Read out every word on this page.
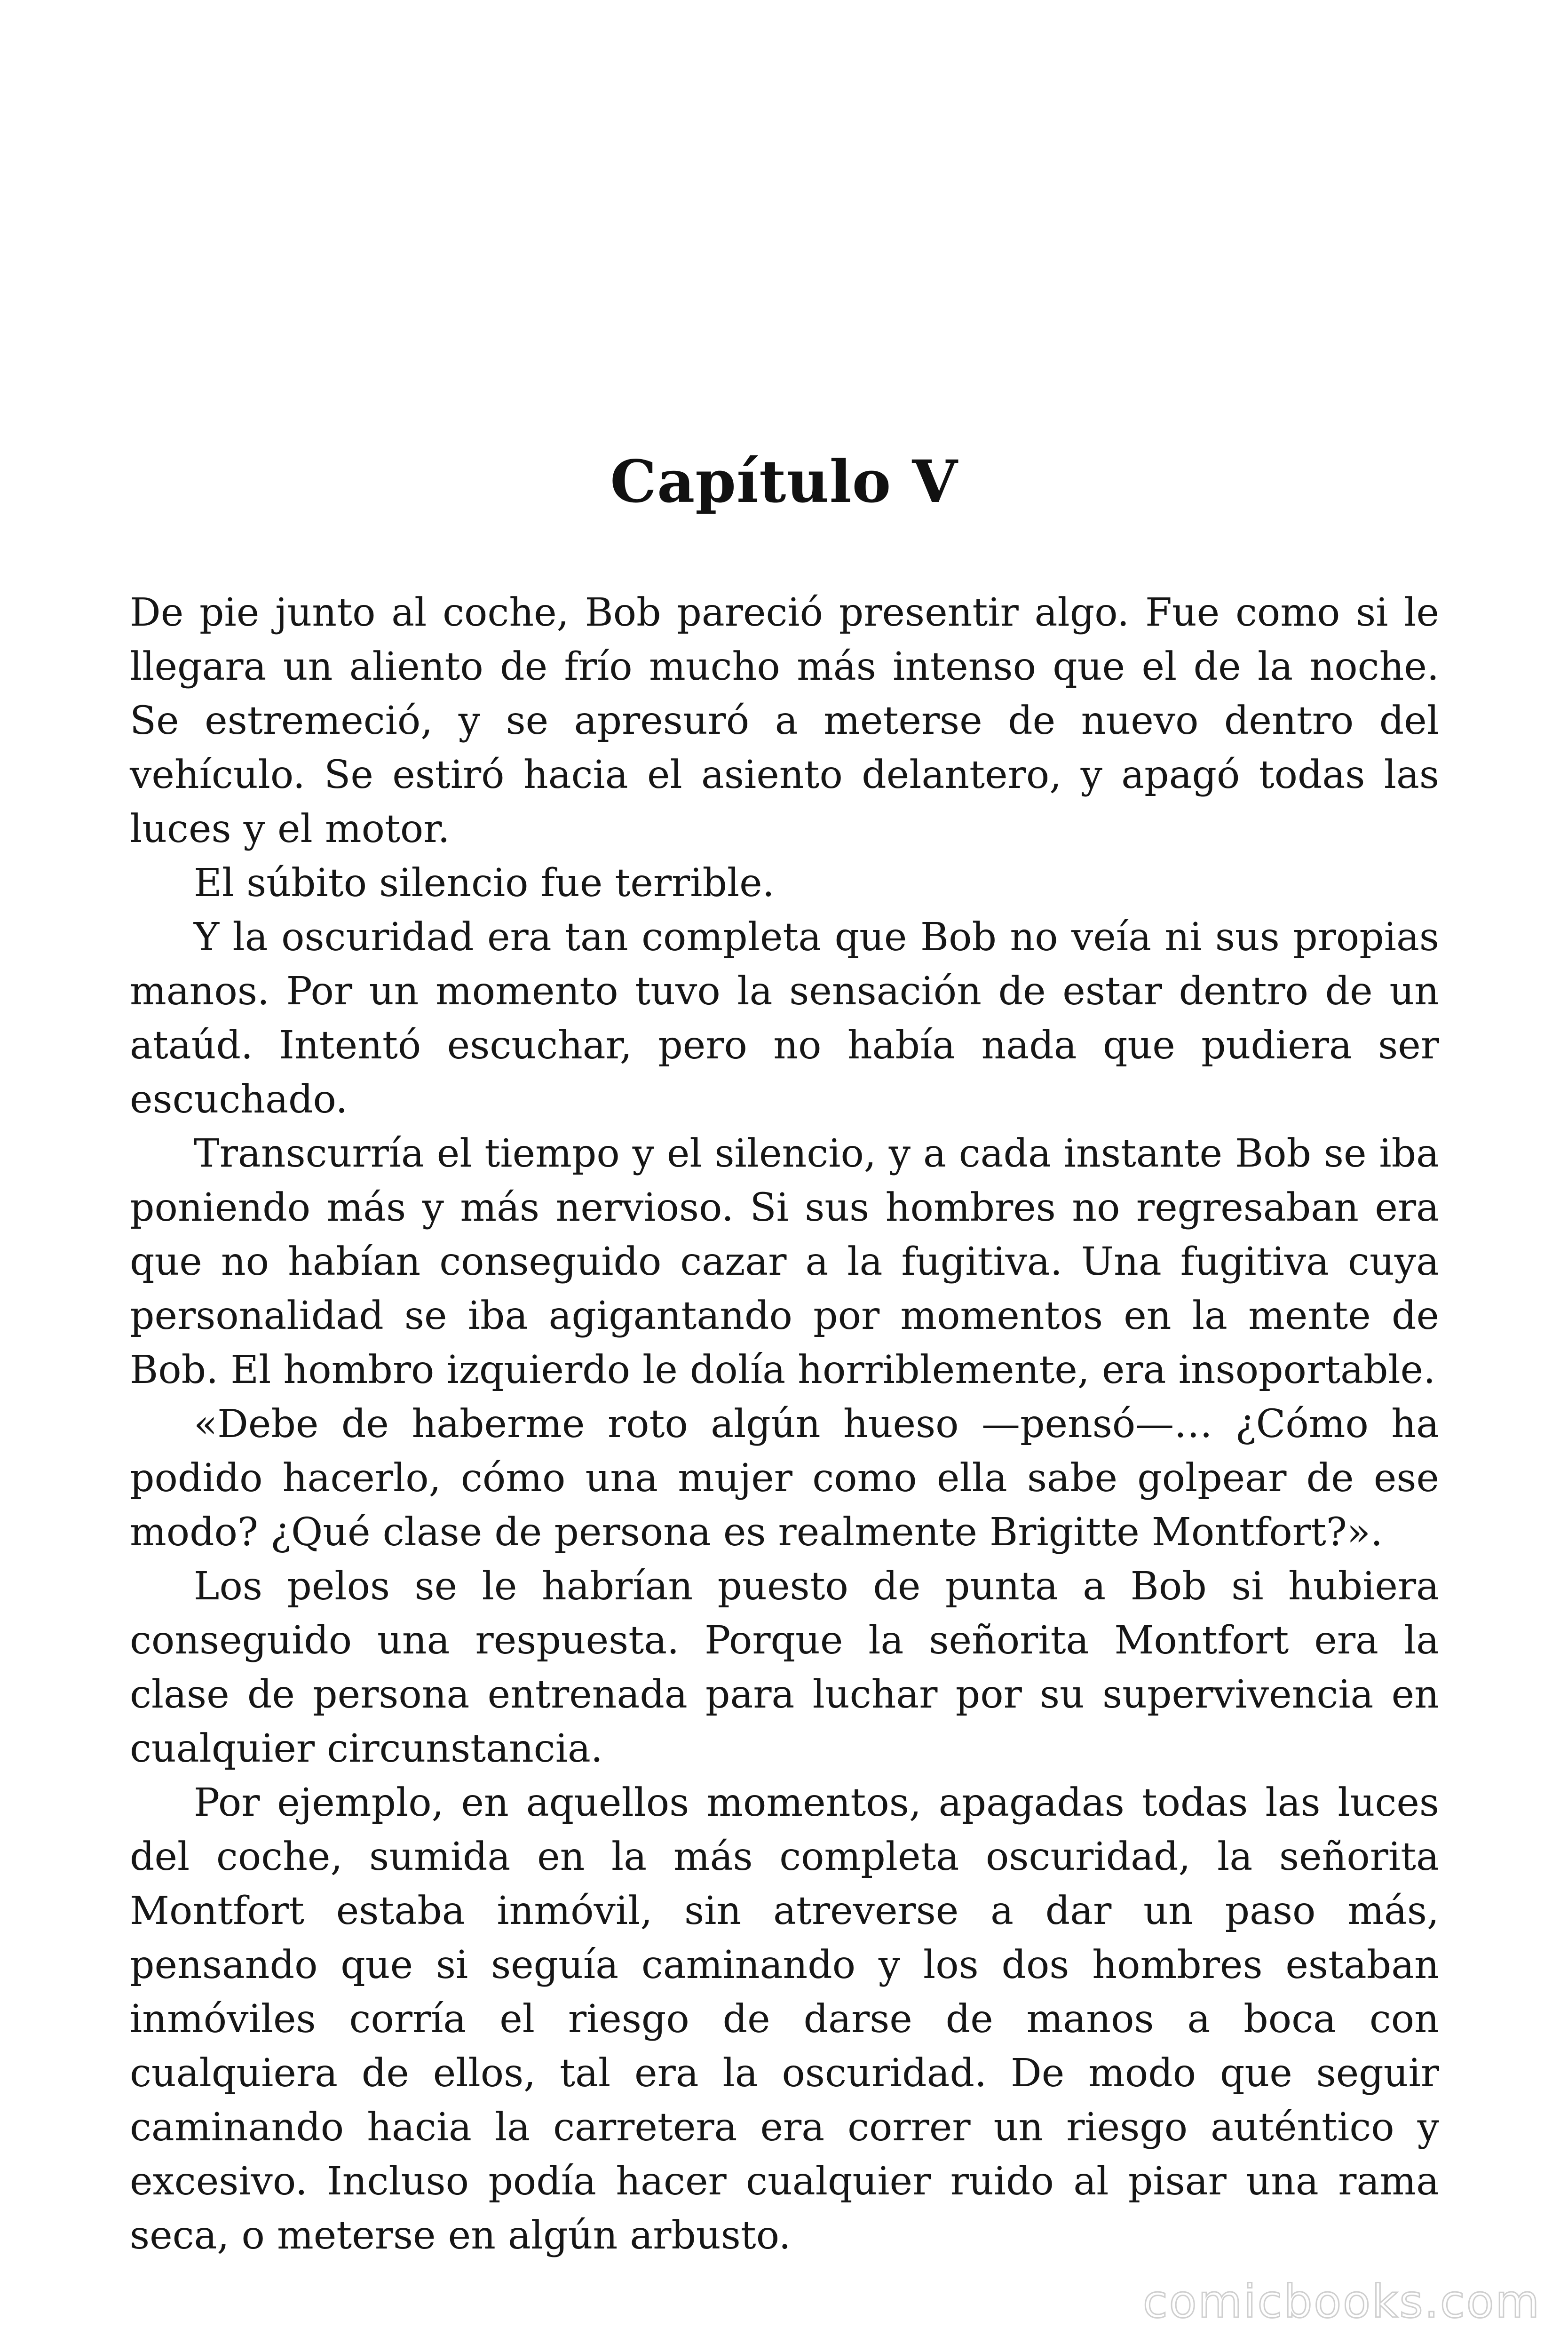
Capítulo V

De pie junto al coche, Bob pareció presentir algo. Fue como si le llegara un aliento de frío mucho más intenso que el de la noche. Se estremeció, y se apresuró a meterse de nuevo dentro del vehículo. Se estiró hacia el asiento delantero, y apagó todas las luces y el motor.

El súbito silencio fue terrible.

Y la oscuridad era tan completa que Bob no veía ni sus propias manos. Por un momento tuvo la sensación de estar dentro de un ataúd. Intentó escuchar, pero no había nada que pudiera ser escuchado.

Transcurría el tiempo y el silencio, y a cada instante Bob se iba poniendo más y más nervioso. Si sus hombres no regresaban era que no habían conseguido cazar a la fugitiva. Una fugitiva cuya personalidad se iba agigantando por momentos en la mente de Bob. El hombro izquierdo le dolía horriblemente, era insoportable.

«Debe de haberme roto algún hueso —pensó—… ¿Cómo ha podido hacerlo, cómo una mujer como ella sabe golpear de ese modo? ¿Qué clase de persona es realmente Brigitte Montfort?».

Los pelos se le habrían puesto de punta a Bob si hubiera conseguido una respuesta. Porque la señorita Montfort era la clase de persona entrenada para luchar por su supervivencia en cualquier circunstancia.

Por ejemplo, en aquellos momentos, apagadas todas las luces del coche, sumida en la más completa oscuridad, la señorita Montfort estaba inmóvil, sin atreverse a dar un paso más, pensando que si seguía caminando y los dos hombres estaban inmóviles corría el riesgo de darse de manos a boca con cualquiera de ellos, tal era la oscuridad. De modo que seguir caminando hacia la carretera era correr un riesgo auténtico y excesivo. Incluso podía hacer cualquier ruido al pisar una rama seca, o meterse en algún arbusto.

comicbooks.com
